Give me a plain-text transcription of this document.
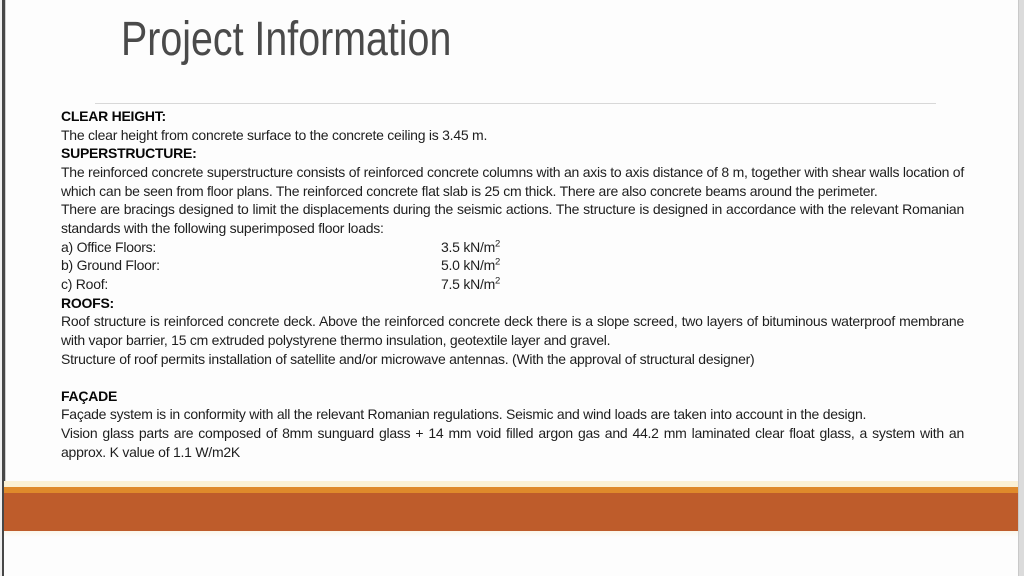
Project Information
CLEAR HEIGHT:

The clear height from concrete surface to the concrete ceiling is 3.45 m.

SUPERSTRUCTURE:

The reinforced concrete superstructure consists of reinforced concrete columns with an axis to axis distance of 8 m, together with shear walls location of which can be seen from floor plans. The reinforced concrete flat slab is 25 cm thick. There are also concrete beams around the perimeter.

There are bracings designed to limit the displacements during the seismic actions. The structure is designed in accordance with the relevant Romanian standards with the following superimposed floor loads:

a) Office Floors:	3.5 $kN/m^2$
b) Ground Floor:	5.0 $kN/m^2$
c) Roof:	7.5 $kN/m^2$
ROOFS:

Roof structure is reinforced concrete deck. Above the reinforced concrete deck there is a slope screed, two layers of bituminous waterproof membrane with vapor barrier, 15 cm extruded polystyrene thermo insulation, geotextile layer and gravel.

Structure of roof permits installation of satellite and/or microwave antennas. (With the approval of structural designer)

FAÇADE

Façade system is in conformity with all the relevant Romanian regulations. Seismic and wind loads are taken into account in the design.

Vision glass parts are composed of 8mm sunguard glass + 14 mm void filled argon gas and 44.2 mm laminated clear float glass, a system with an approx. K value of 1.1 W/m2K
